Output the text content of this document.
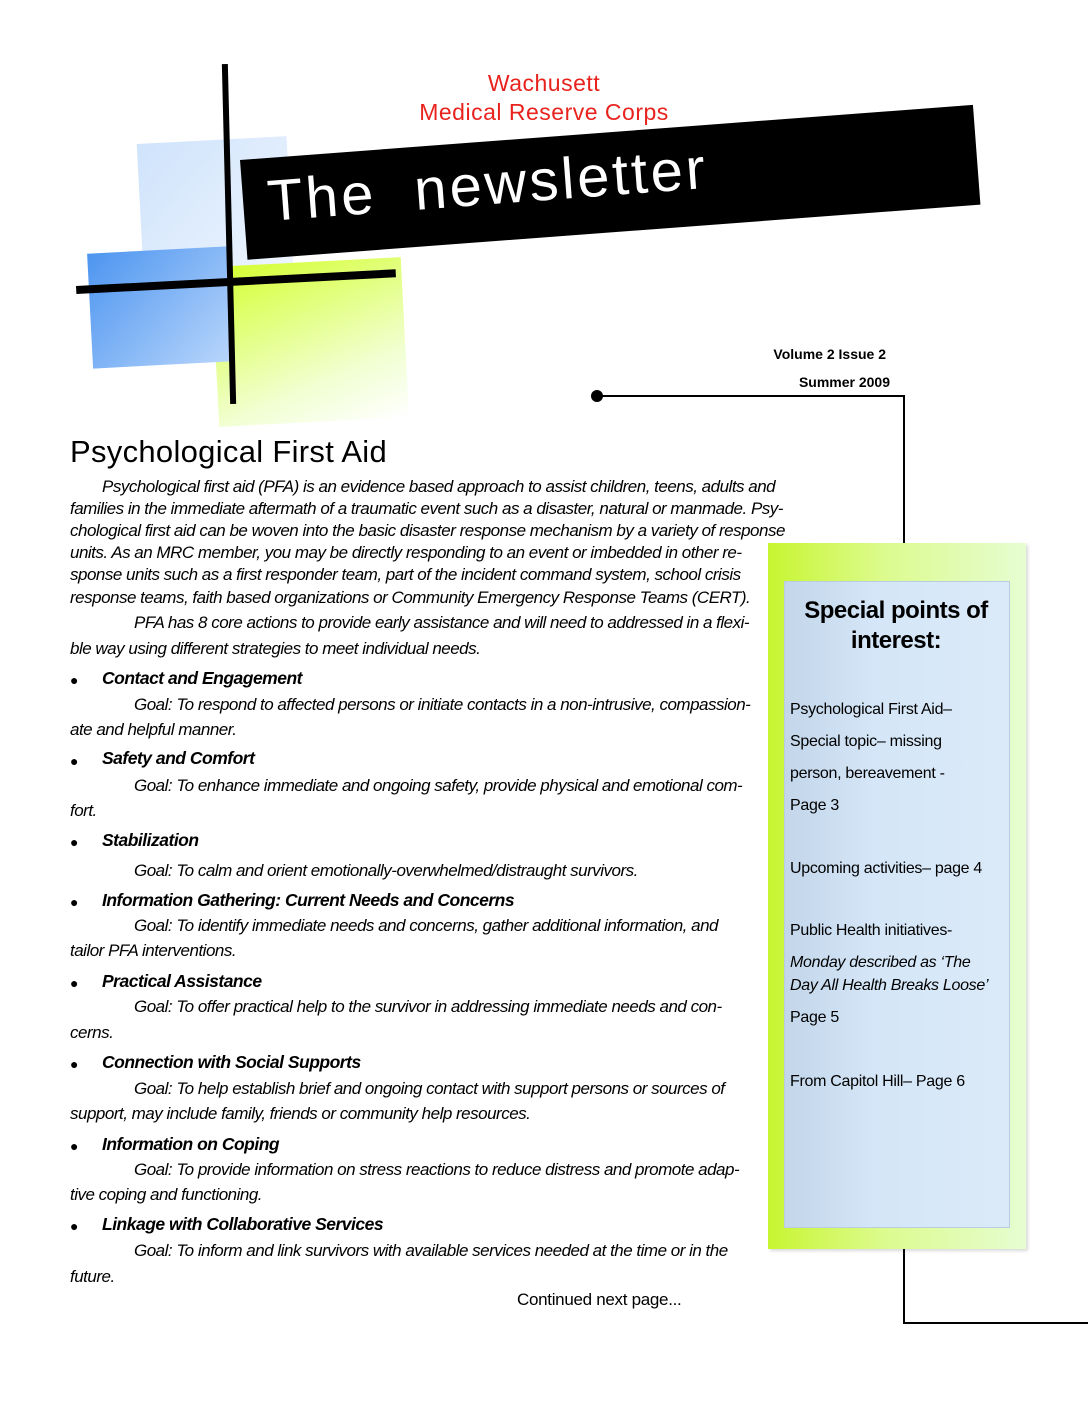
Wachusett
Medical Reserve Corps
The  newsletter
Volume 2 Issue 2
Summer 2009
Psychological First Aid
Psychological first aid (PFA) is an evidence based approach to assist children, teens, adults and
families in the immediate aftermath of a traumatic event such as a disaster, natural or manmade. Psy-
chological first aid can be woven into the basic disaster response mechanism by a variety of response
units. As an MRC member, you may be directly responding to an event or imbedded in other re-
sponse units such as a first responder team, part of the incident command system, school crisis
response teams, faith based organizations or Community Emergency Response Teams (CERT).
PFA has 8 core actions to provide early assistance and will need to addressed in a flexi-
ble way using different strategies to meet individual needs.
● Contact and Engagement
Goal: To respond to affected persons or initiate contacts in a non-intrusive, compassion-
ate and helpful manner.
● Safety and Comfort
Goal: To enhance immediate and ongoing safety, provide physical and emotional com-
fort.
● Stabilization
Goal: To calm and orient emotionally-overwhelmed/distraught survivors.
● Information Gathering: Current Needs and Concerns
Goal: To identify immediate needs and concerns, gather additional information, and
tailor PFA interventions.
● Practical Assistance
Goal: To offer practical help to the survivor in addressing immediate needs and con-
cerns.
● Connection with Social Supports
Goal: To help establish brief and ongoing contact with support persons or sources of
support, may include family, friends or community help resources.
● Information on Coping
Goal: To provide information on stress reactions to reduce distress and promote adap-
tive coping and functioning.
● Linkage with Collaborative Services
Goal: To inform and link survivors with available services needed at the time or in the
future.
Continued next page...
Special points of
interest:
Psychological First Aid–
Special topic– missing
person, bereavement -
Page 3
Upcoming activities– page 4
Public Health initiatives-
Monday described as ‘The
Day All Health Breaks Loose’
Page 5
From Capitol Hill– Page 6
